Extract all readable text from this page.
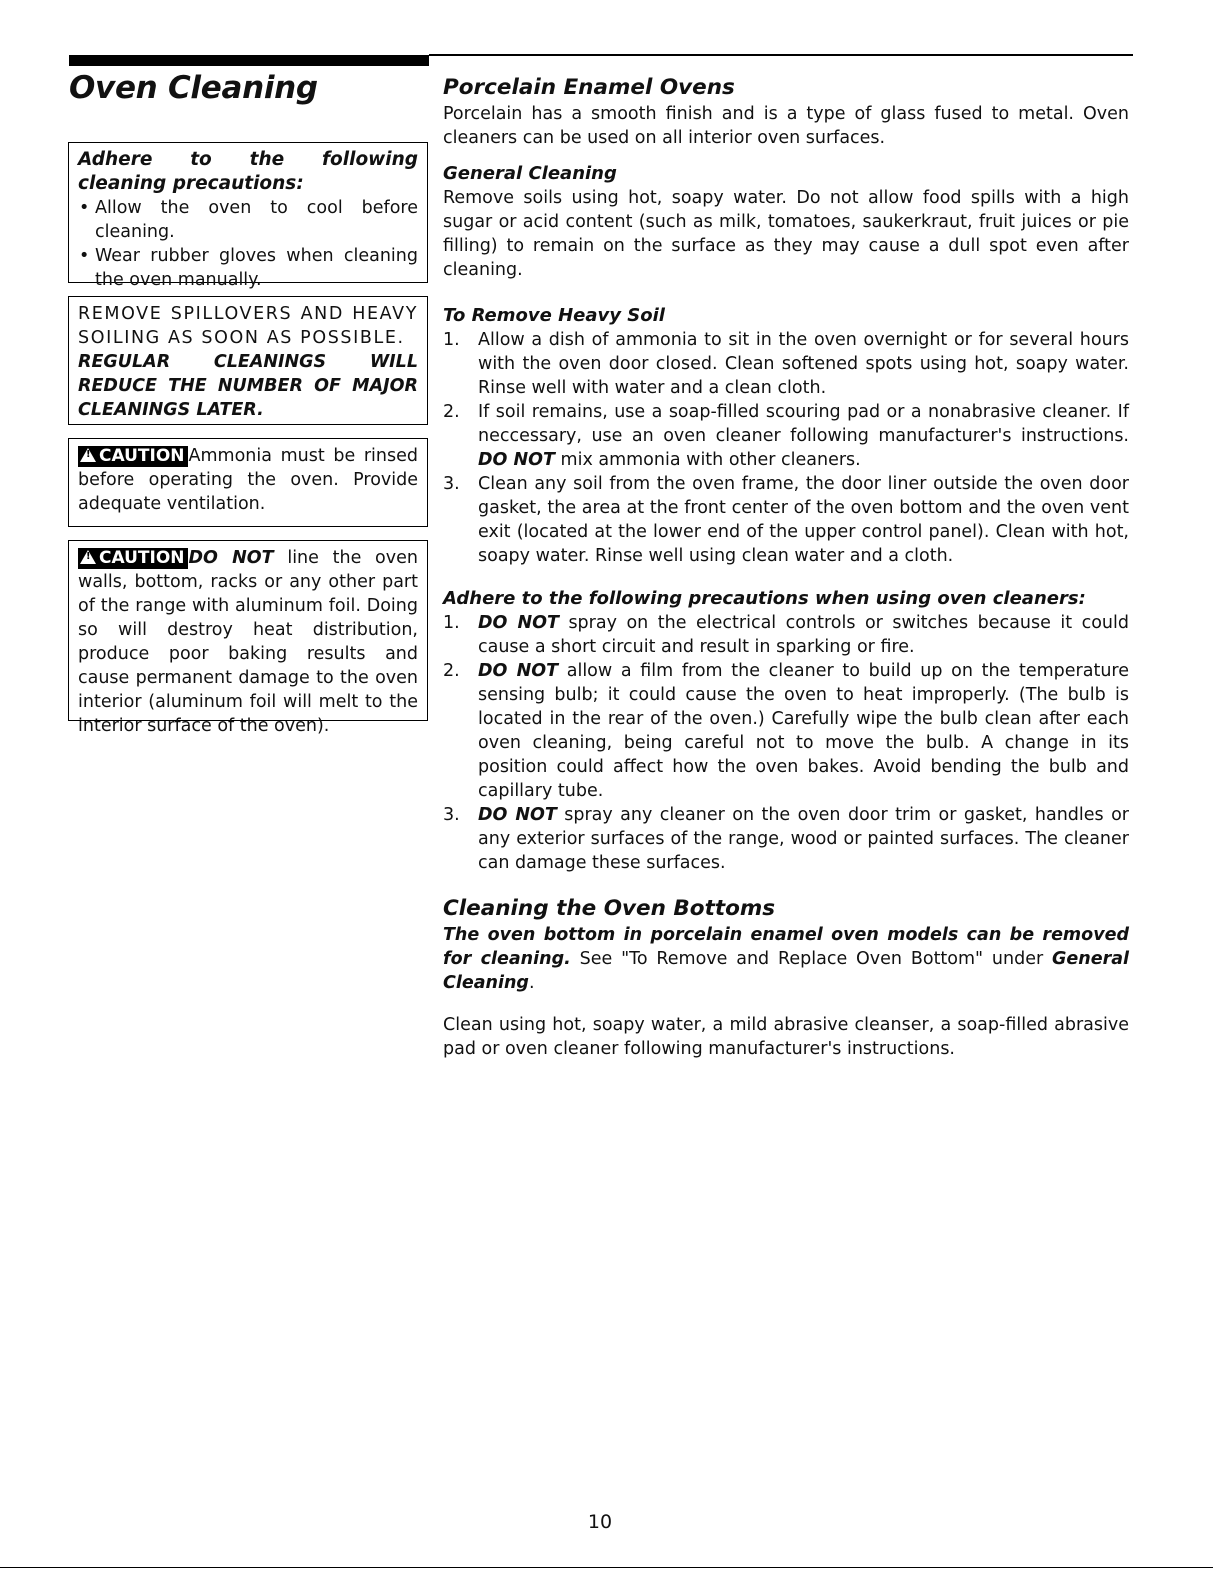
Oven Cleaning
Adhere to the following cleaning precautions:
• Allow the oven to cool before cleaning.
• Wear rubber gloves when cleaning the oven manually.
REMOVE SPILLOVERS AND HEAVY SOILING AS SOON AS POSSIBLE.
REGULAR CLEANINGS WILL REDUCE THE NUMBER OF MAJOR CLEANINGS LATER.
!CAUTION Ammonia must be rinsed before operating the oven. Provide adequate ventilation.
!CAUTION DO NOT line the oven walls, bottom, racks or any other part of the range with aluminum foil. Doing so will destroy heat distribution, produce poor baking results and cause permanent damage to the oven interior (aluminum foil will melt to the interior surface of the oven).
Porcelain Enamel Ovens
Porcelain has a smooth finish and is a type of glass fused to metal. Oven cleaners can be used on all interior oven surfaces.
General Cleaning
Remove soils using hot, soapy water. Do not allow food spills with a high sugar or acid content (such as milk, tomatoes, saukerkraut, fruit juices or pie filling) to remain on the surface as they may cause a dull spot even after cleaning.
To Remove Heavy Soil
1. Allow a dish of ammonia to sit in the oven overnight or for several hours with the oven door closed. Clean softened spots using hot, soapy water. Rinse well with water and a clean cloth.
2. If soil remains, use a soap-filled scouring pad or a nonabrasive cleaner. If neccessary, use an oven cleaner following manufacturer's instructions. DO NOT mix ammonia with other cleaners.
3. Clean any soil from the oven frame, the door liner outside the oven door gasket, the area at the front center of the oven bottom and the oven vent exit (located at the lower end of the upper control panel). Clean with hot, soapy water. Rinse well using clean water and a cloth.
Adhere to the following precautions when using oven cleaners:
1. DO NOT spray on the electrical controls or switches because it could cause a short circuit and result in sparking or fire.
2. DO NOT allow a film from the cleaner to build up on the temperature sensing bulb; it could cause the oven to heat improperly. (The bulb is located in the rear of the oven.) Carefully wipe the bulb clean after each oven cleaning, being careful not to move the bulb. A change in its position could affect how the oven bakes. Avoid bending the bulb and capillary tube.
3. DO NOT spray any cleaner on the oven door trim or gasket, handles or any exterior surfaces of the range, wood or painted surfaces. The cleaner can damage these surfaces.
Cleaning the Oven Bottoms
The oven bottom in porcelain enamel oven models can be removed for cleaning. See "To Remove and Replace Oven Bottom" under General Cleaning.
Clean using hot, soapy water, a mild abrasive cleanser, a soap-filled abrasive pad or oven cleaner following manufacturer's instructions.
10
